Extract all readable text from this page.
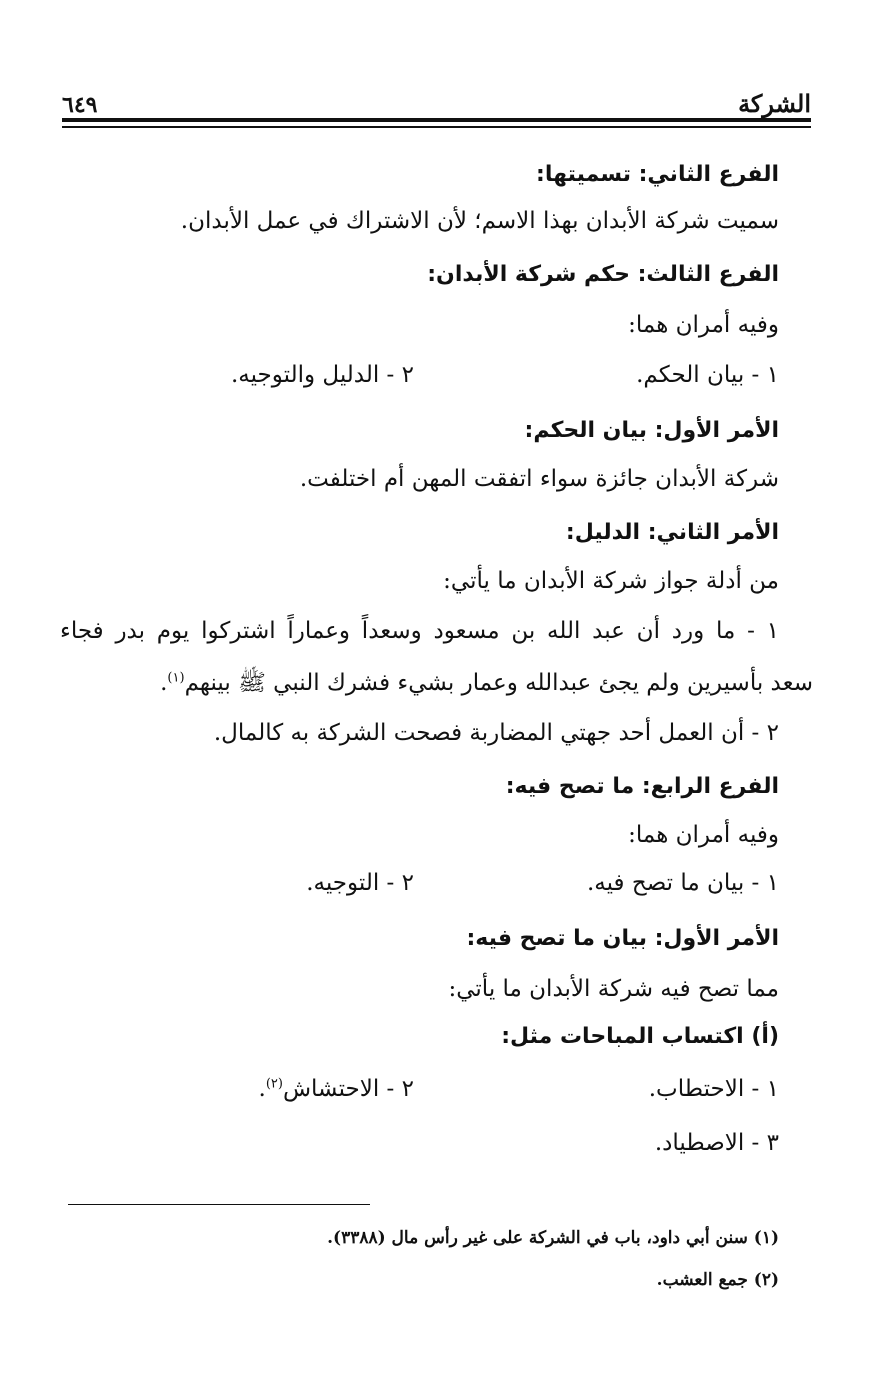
الشركة
٦٤٩
الفرع الثاني: تسميتها:
سميت شركة الأبدان بهذا الاسم؛ لأن الاشتراك في عمل الأبدان.
الفرع الثالث: حكم شركة الأبدان:
وفيه أمران هما:
١ - بيان الحكم.
٢ - الدليل والتوجيه.
الأمر الأول: بيان الحكم:
شركة الأبدان جائزة سواء اتفقت المهن أم اختلفت.
الأمر الثاني: الدليل:
من أدلة جواز شركة الأبدان ما يأتي:
١ - ما ورد أن عبد الله بن مسعود وسعداً وعماراً اشتركوا يوم بدر فجاء
سعد بأسيرين ولم يجئ عبدالله وعمار بشيء فشرك النبي ﷺ بينهم$^{(١)}$.
٢ - أن العمل أحد جهتي المضاربة فصحت الشركة به كالمال.
الفرع الرابع: ما تصح فيه:
وفيه أمران هما:
١ - بيان ما تصح فيه.
٢ - التوجيه.
الأمر الأول: بيان ما تصح فيه:
مما تصح فيه شركة الأبدان ما يأتي:
(أ) اكتساب المباحات مثل:
١ - الاحتطاب.
٢ - الاحتشاش$^{(٢)}$.
٣ - الاصطياد.
(١) سنن أبي داود، باب في الشركة على غير رأس مال (٣٣٨٨).
(٢) جمع العشب.
